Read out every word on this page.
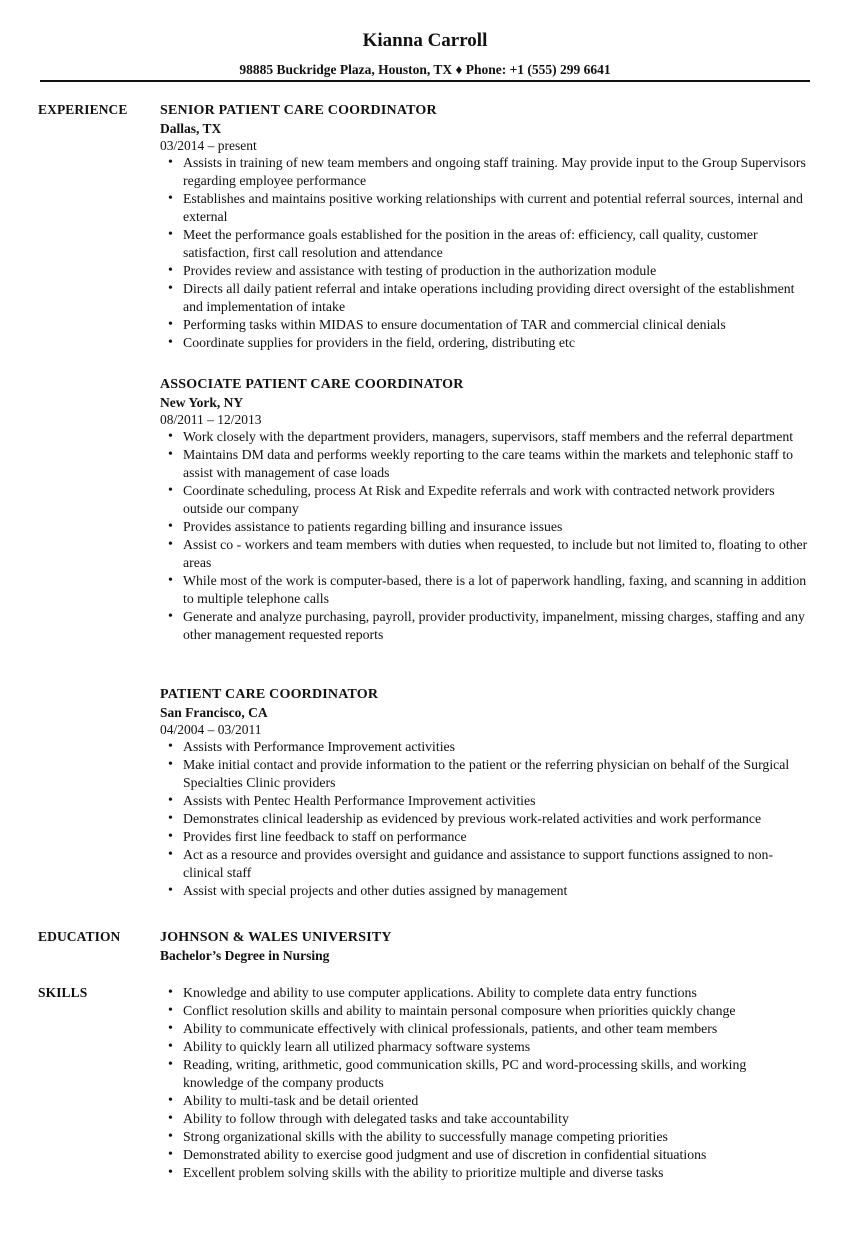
Kianna Carroll
98885 Buckridge Plaza, Houston, TX ♦ Phone: +1 (555) 299 6641
EXPERIENCE SENIOR PATIENT CARE COORDINATOR
Dallas, TX
03/2014 – present
• Assists in training of new team members and ongoing staff training. May provide input to the Group Supervisors regarding employee performance
• Establishes and maintains positive working relationships with current and potential referral sources, internal and external
• Meet the performance goals established for the position in the areas of: efficiency, call quality, customer satisfaction, first call resolution and attendance
• Provides review and assistance with testing of production in the authorization module
• Directs all daily patient referral and intake operations including providing direct oversight of the establishment and implementation of intake
• Performing tasks within MIDAS to ensure documentation of TAR and commercial clinical denials
• Coordinate supplies for providers in the field, ordering, distributing etc
ASSOCIATE PATIENT CARE COORDINATOR
New York, NY
08/2011 – 12/2013
• Work closely with the department providers, managers, supervisors, staff members and the referral department
• Maintains DM data and performs weekly reporting to the care teams within the markets and telephonic staff to assist with management of case loads
• Coordinate scheduling, process At Risk and Expedite referrals and work with contracted network providers outside our company
• Provides assistance to patients regarding billing and insurance issues
• Assist co - workers and team members with duties when requested, to include but not limited to, floating to other areas
• While most of the work is computer-based, there is a lot of paperwork handling, faxing, and scanning in addition to multiple telephone calls
• Generate and analyze purchasing, payroll, provider productivity, impanelment, missing charges, staffing and any other management requested reports
PATIENT CARE COORDINATOR
San Francisco, CA
04/2004 – 03/2011
• Assists with Performance Improvement activities
• Make initial contact and provide information to the patient or the referring physician on behalf of the Surgical Specialties Clinic providers
• Assists with Pentec Health Performance Improvement activities
• Demonstrates clinical leadership as evidenced by previous work-related activities and work performance
• Provides first line feedback to staff on performance
• Act as a resource and provides oversight and guidance and assistance to support functions assigned to non-clinical staff
• Assist with special projects and other duties assigned by management
EDUCATION	JOHNSON & WALES UNIVERSITY
Bachelor’s Degree in Nursing
SKILLS
•	Knowledge and ability to use computer applications. Ability to complete data entry functions
• Conflict resolution skills and ability to maintain personal composure when priorities quickly change
• Ability to communicate effectively with clinical professionals, patients, and other team members
• Ability to quickly learn all utilized pharmacy software systems
• Reading, writing, arithmetic, good communication skills, PC and word-processing skills, and working knowledge of the company products
• Ability to multi-task and be detail oriented
• Ability to follow through with delegated tasks and take accountability
• Strong organizational skills with the ability to successfully manage competing priorities
• Demonstrated ability to exercise good judgment and use of discretion in confidential situations
• Excellent problem solving skills with the ability to prioritize multiple and diverse tasks
